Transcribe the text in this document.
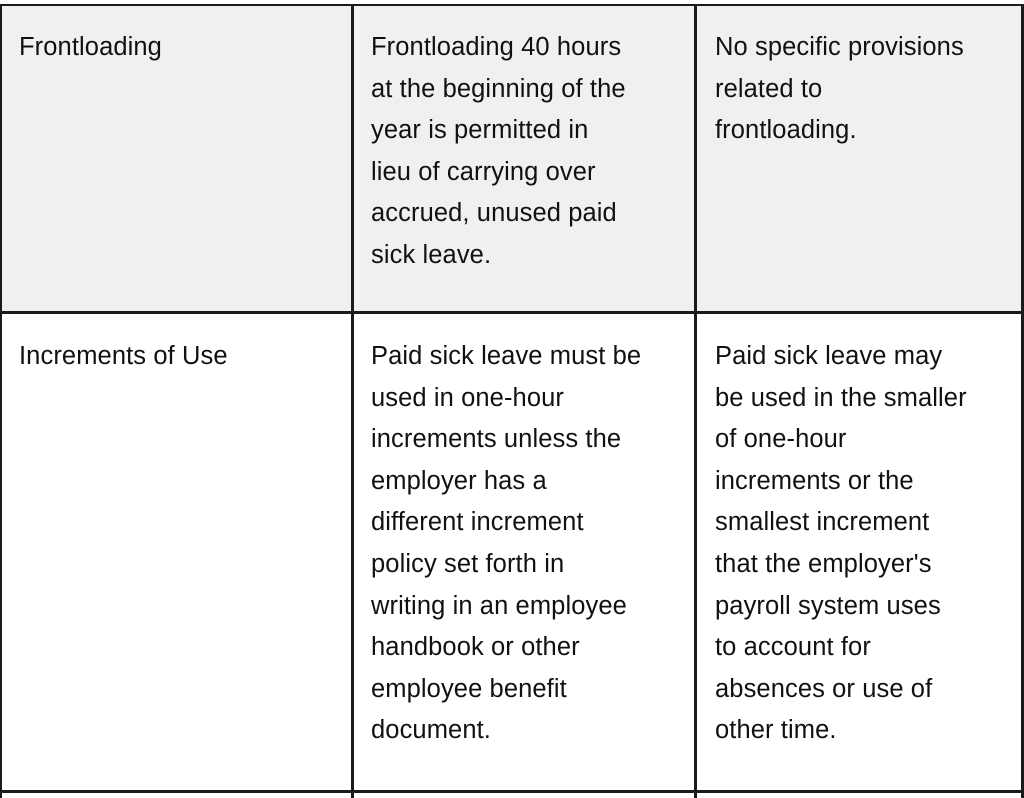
Frontloading	Frontloading 40 hours
at the beginning of the
year is permitted in
lieu of carrying over
accrued, unused paid
sick leave.
No specific provisions
related to
frontloading.
Increments of Use	Paid sick leave must be
used in one-hour
increments unless the
employer has a
different increment
policy set forth in
writing in an employee
handbook or other
employee benefit
document.
Paid sick leave may
be used in the smaller
of one-hour
increments or the
smallest increment
that the employer's
payroll system uses
to account for
absences or use of
other time.
